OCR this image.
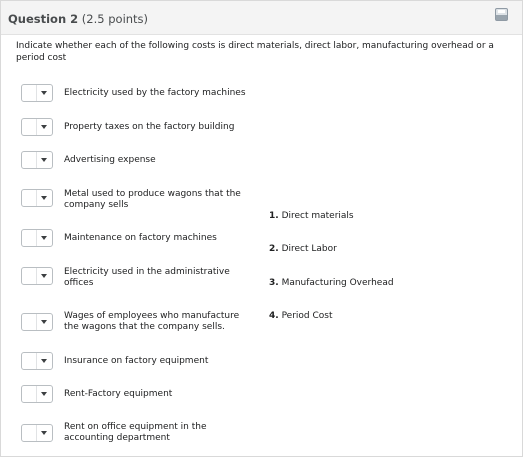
Question 2 (2.5 points)
Indicate whether each of the following costs is direct materials, direct labor, manufacturing overhead or a period cost
Electricity used by the factory machines
Property taxes on the factory building
Advertising expense
Metal used to produce wagons that the company sells
Maintenance on factory machines
Electricity used in the administrative offices
Wages of employees who manufacture the wagons that the company sells.
Insurance on factory equipment
Rent-Factory equipment
Rent on office equipment in the accounting department
1. Direct materials
2. Direct Labor
3. Manufacturing Overhead
4. Period Cost
